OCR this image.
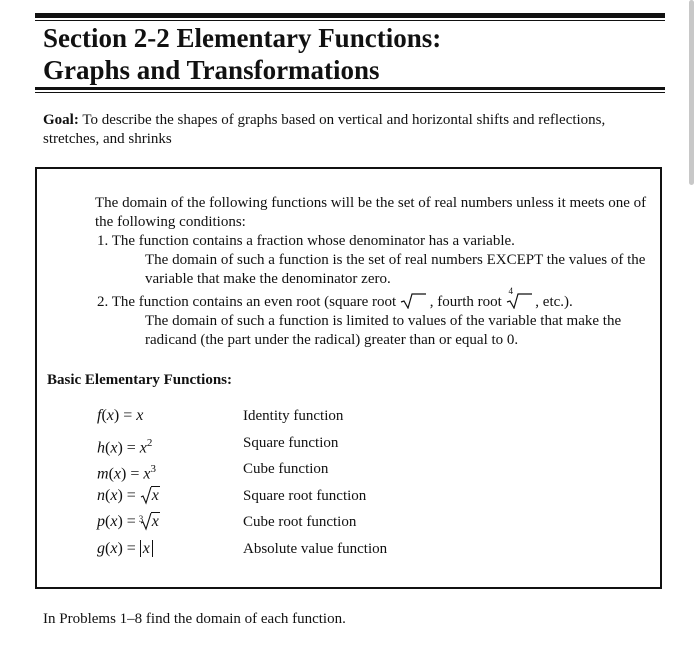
Section 2-2 Elementary Functions:
Graphs and Transformations
Goal: To describe the shapes of graphs based on vertical and horizontal shifts and reflections, stretches, and shrinks
The domain of the following functions will be the set of real numbers unless it meets one of the following conditions:
1. The function contains a fraction whose denominator has a variable.
The domain of such a function is the set of real numbers EXCEPT the values of the variable that make the denominator zero.
2. The function contains an even root (square root
, fourth root
4
, etc.).
The domain of such a function is limited to values of the variable that make the radicand (the part under the radical) greater than or equal to 0.
Basic Elementary Functions:
f(x) = x	Identity function
$h(x) = x^2$	Square function
$m(x) = x^3$	Cube function
n(x) = x	Square root function
p(x) = 3 x	Cube root function
g(x) = x	Absolute value function
In Problems 1–8 find the domain of each function.
